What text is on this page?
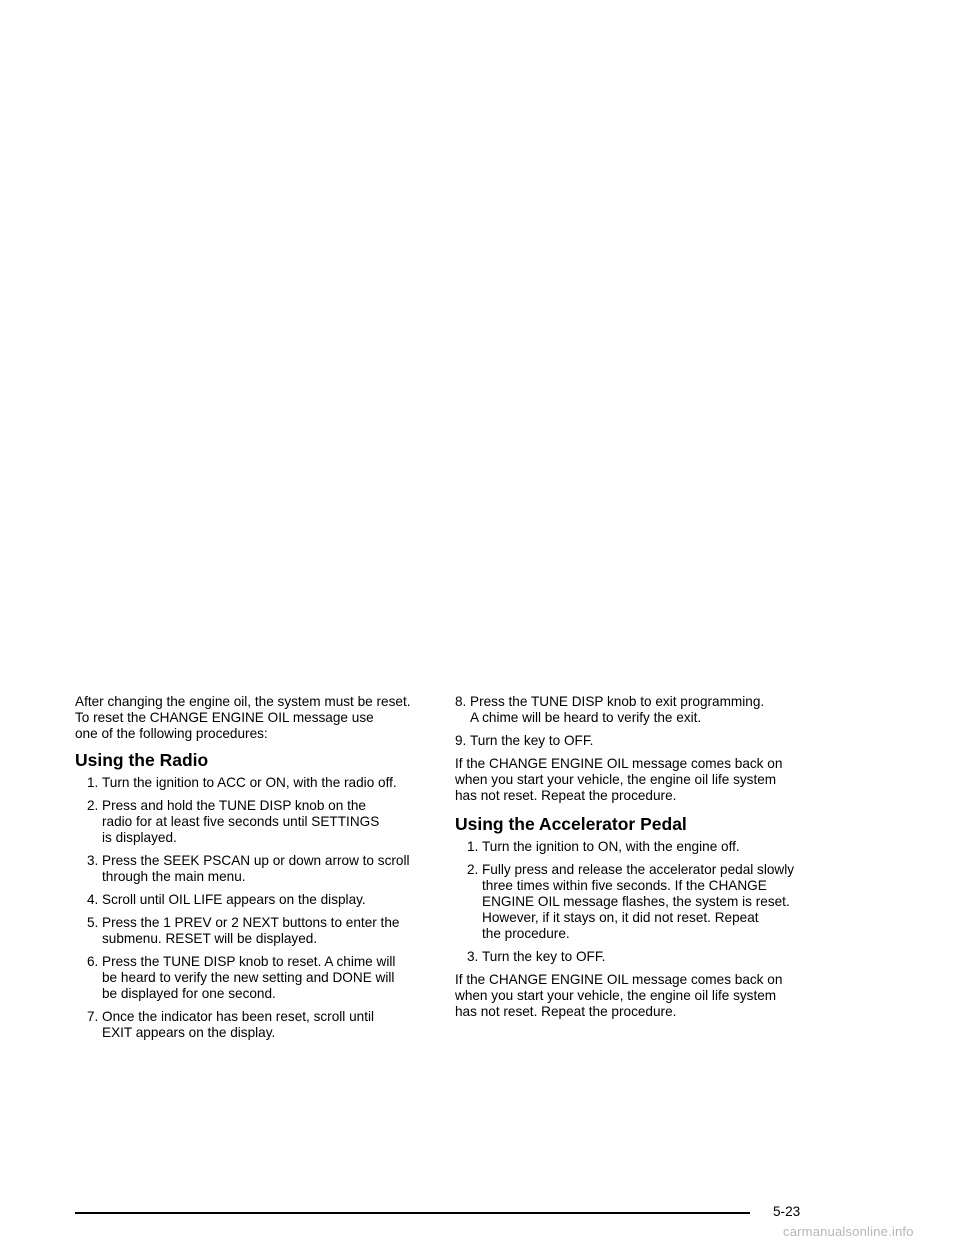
After changing the engine oil, the system must be reset.
To reset the CHANGE ENGINE OIL message use
one of the following procedures:

Using the Radio
1. Turn the ignition to ACC or ON, with the radio off.
2. Press and hold the TUNE DISP knob on the
radio for at least five seconds until SETTINGS
is displayed.
3. Press the SEEK PSCAN up or down arrow to scroll
through the main menu.
4. Scroll until OIL LIFE appears on the display.
5. Press the 1 PREV or 2 NEXT buttons to enter the
submenu. RESET will be displayed.
6. Press the TUNE DISP knob to reset. A chime will
be heard to verify the new setting and DONE will
be displayed for one second.
7. Once the indicator has been reset, scroll until
EXIT appears on the display.
8. Press the TUNE DISP knob to exit programming.
A chime will be heard to verify the exit.
9. Turn the key to OFF.

If the CHANGE ENGINE OIL message comes back on
when you start your vehicle, the engine oil life system
has not reset. Repeat the procedure.

Using the Accelerator Pedal
1. Turn the ignition to ON, with the engine off.
2. Fully press and release the accelerator pedal slowly
three times within five seconds. If the CHANGE
ENGINE OIL message flashes, the system is reset.
However, if it stays on, it did not reset. Repeat
the procedure.
3. Turn the key to OFF.

If the CHANGE ENGINE OIL message comes back on
when you start your vehicle, the engine oil life system
has not reset. Repeat the procedure.

5-23
carmanualsonline.info
